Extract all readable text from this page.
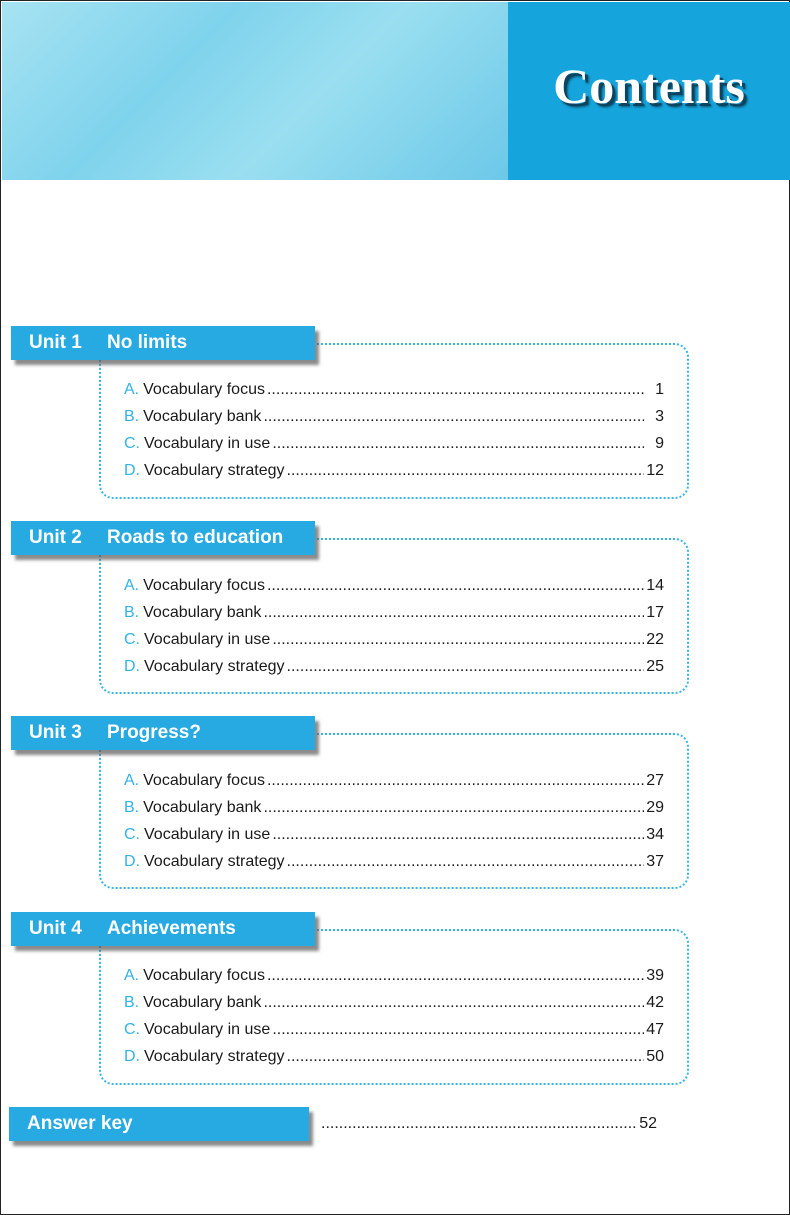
Contents
Unit 1 No limits
A. Vocabulary focus .....	1
B. Vocabulary bank .....	3
C. Vocabulary in use .....	9
D. Vocabulary strategy .....	12
Unit 2 Roads to education
A. Vocabulary focus .....	14
B. Vocabulary bank .....	17
C. Vocabulary in use .....	22
D. Vocabulary strategy .....	25
Unit 3 Progress?
A. Vocabulary focus .....	27
B. Vocabulary bank .....	29
C. Vocabulary in use .....	34
D. Vocabulary strategy .....	37
Unit 4 Achievements
A. Vocabulary focus .....	39
B. Vocabulary bank .....	42
C. Vocabulary in use .....	47
D. Vocabulary strategy .....	50
Answer key .....	52
